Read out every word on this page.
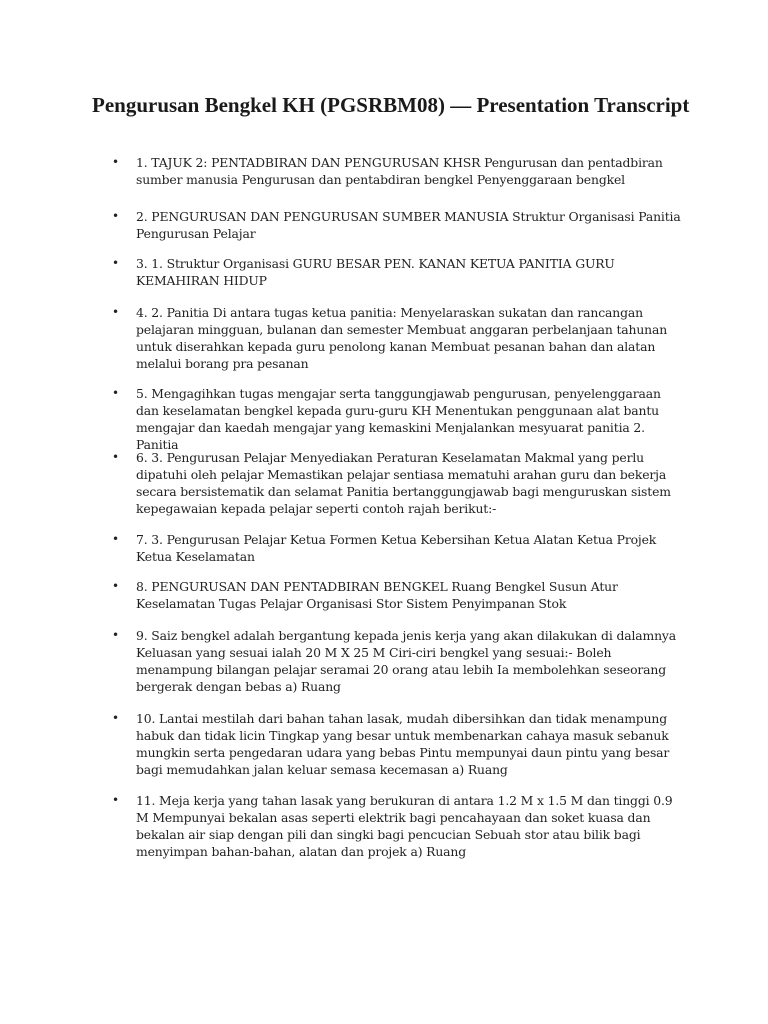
Pengurusan Bengkel KH (PGSRBM08) — Presentation Transcript
•	1. TAJUK 2: PENTADBIRAN DAN PENGURUSAN KHSR Pengurusan dan pentadbiran sumber manusia Pengurusan dan pentabdiran bengkel Penyenggaraan bengkel
•	2. PENGURUSAN DAN PENGURUSAN SUMBER MANUSIA Struktur Organisasi Panitia Pengurusan Pelajar
•	3. 1. Struktur Organisasi GURU BESAR PEN. KANAN KETUA PANITIA GURU KEMAHIRAN HIDUP
•	4. 2. Panitia Di antara tugas ketua panitia: Menyelaraskan sukatan dan rancangan pelajaran mingguan, bulanan dan semester Membuat anggaran perbelanjaan tahunan untuk diserahkan kepada guru penolong kanan Membuat pesanan bahan dan alatan melalui borang pra pesanan
•	5. Mengagihkan tugas mengajar serta tanggungjawab pengurusan, penyelenggaraan dan keselamatan bengkel kepada guru-guru KH Menentukan penggunaan alat bantu mengajar dan kaedah mengajar yang kemaskini Menjalankan mesyuarat panitia 2. Panitia
•	6. 3. Pengurusan Pelajar Menyediakan Peraturan Keselamatan Makmal yang perlu dipatuhi oleh pelajar Memastikan pelajar sentiasa mematuhi arahan guru dan bekerja secara bersistematik dan selamat Panitia bertanggungjawab bagi menguruskan sistem kepegawaian kepada pelajar seperti contoh rajah berikut:-
•	7. 3. Pengurusan Pelajar Ketua Formen Ketua Kebersihan Ketua Alatan Ketua Projek Ketua Keselamatan
•	8. PENGURUSAN DAN PENTADBIRAN BENGKEL Ruang Bengkel Susun Atur Keselamatan Tugas Pelajar Organisasi Stor Sistem Penyimpanan Stok
•	9. Saiz bengkel adalah bergantung kepada jenis kerja yang akan dilakukan di dalamnya Keluasan yang sesuai ialah 20 M X 25 M Ciri-ciri bengkel yang sesuai:- Boleh menampung bilangan pelajar seramai 20 orang atau lebih Ia membolehkan seseorang bergerak dengan bebas a) Ruang
•	10. Lantai mestilah dari bahan tahan lasak, mudah dibersihkan dan tidak menampung habuk dan tidak licin Tingkap yang besar untuk membenarkan cahaya masuk sebanuk mungkin serta pengedaran udara yang bebas Pintu mempunyai daun pintu yang besar bagi memudahkan jalan keluar semasa kecemasan a) Ruang
•	11. Meja kerja yang tahan lasak yang berukuran di antara 1.2 M x 1.5 M dan tinggi 0.9 M Mempunyai bekalan asas seperti elektrik bagi pencahayaan dan soket kuasa dan bekalan air siap dengan pili dan singki bagi pencucian Sebuah stor atau bilik bagi menyimpan bahan-bahan, alatan dan projek a) Ruang
